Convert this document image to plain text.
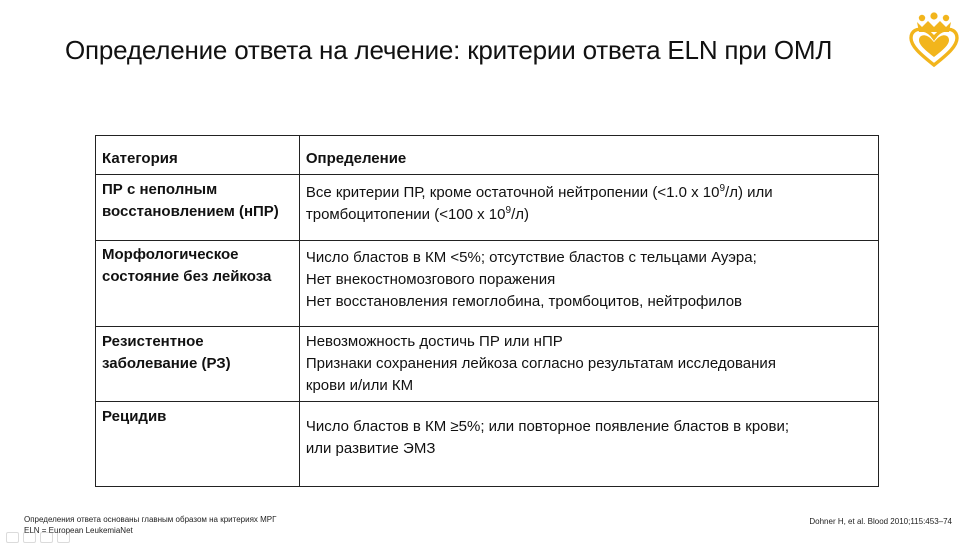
Определение ответа на лечение: критерии ответа ELN при ОМЛ
Категория	Определение

ПР с неполным
восстановлением (нПР)	Все критерии ПР, кроме остаточной нейтропении (<1.0 x $10^9/л$) или
тромбоцитопении (<100 x $10^9/л$)

Морфологическое
состояние без лейкоза	Число бластов в КМ <5%; отсутствие бластов с тельцами Ауэра;
Нет внекостномозгового поражения
Нет восстановления гемоглобина, тромбоцитов, нейтрофилов

Резистентное
заболевание (РЗ)	Невозможность достичь ПР или нПР
Признаки сохранения лейкоза согласно результатам исследования
крови и/или КМ

Рецидив	Число бластов в КМ ≥5%; или повторное появление бластов в крови;
или развитие ЭМЗ
Определения ответа основаны главным образом на критериях МРГ
ELN = European LeukemiaNet
Dohner H, et al. Blood 2010;115:453–74
